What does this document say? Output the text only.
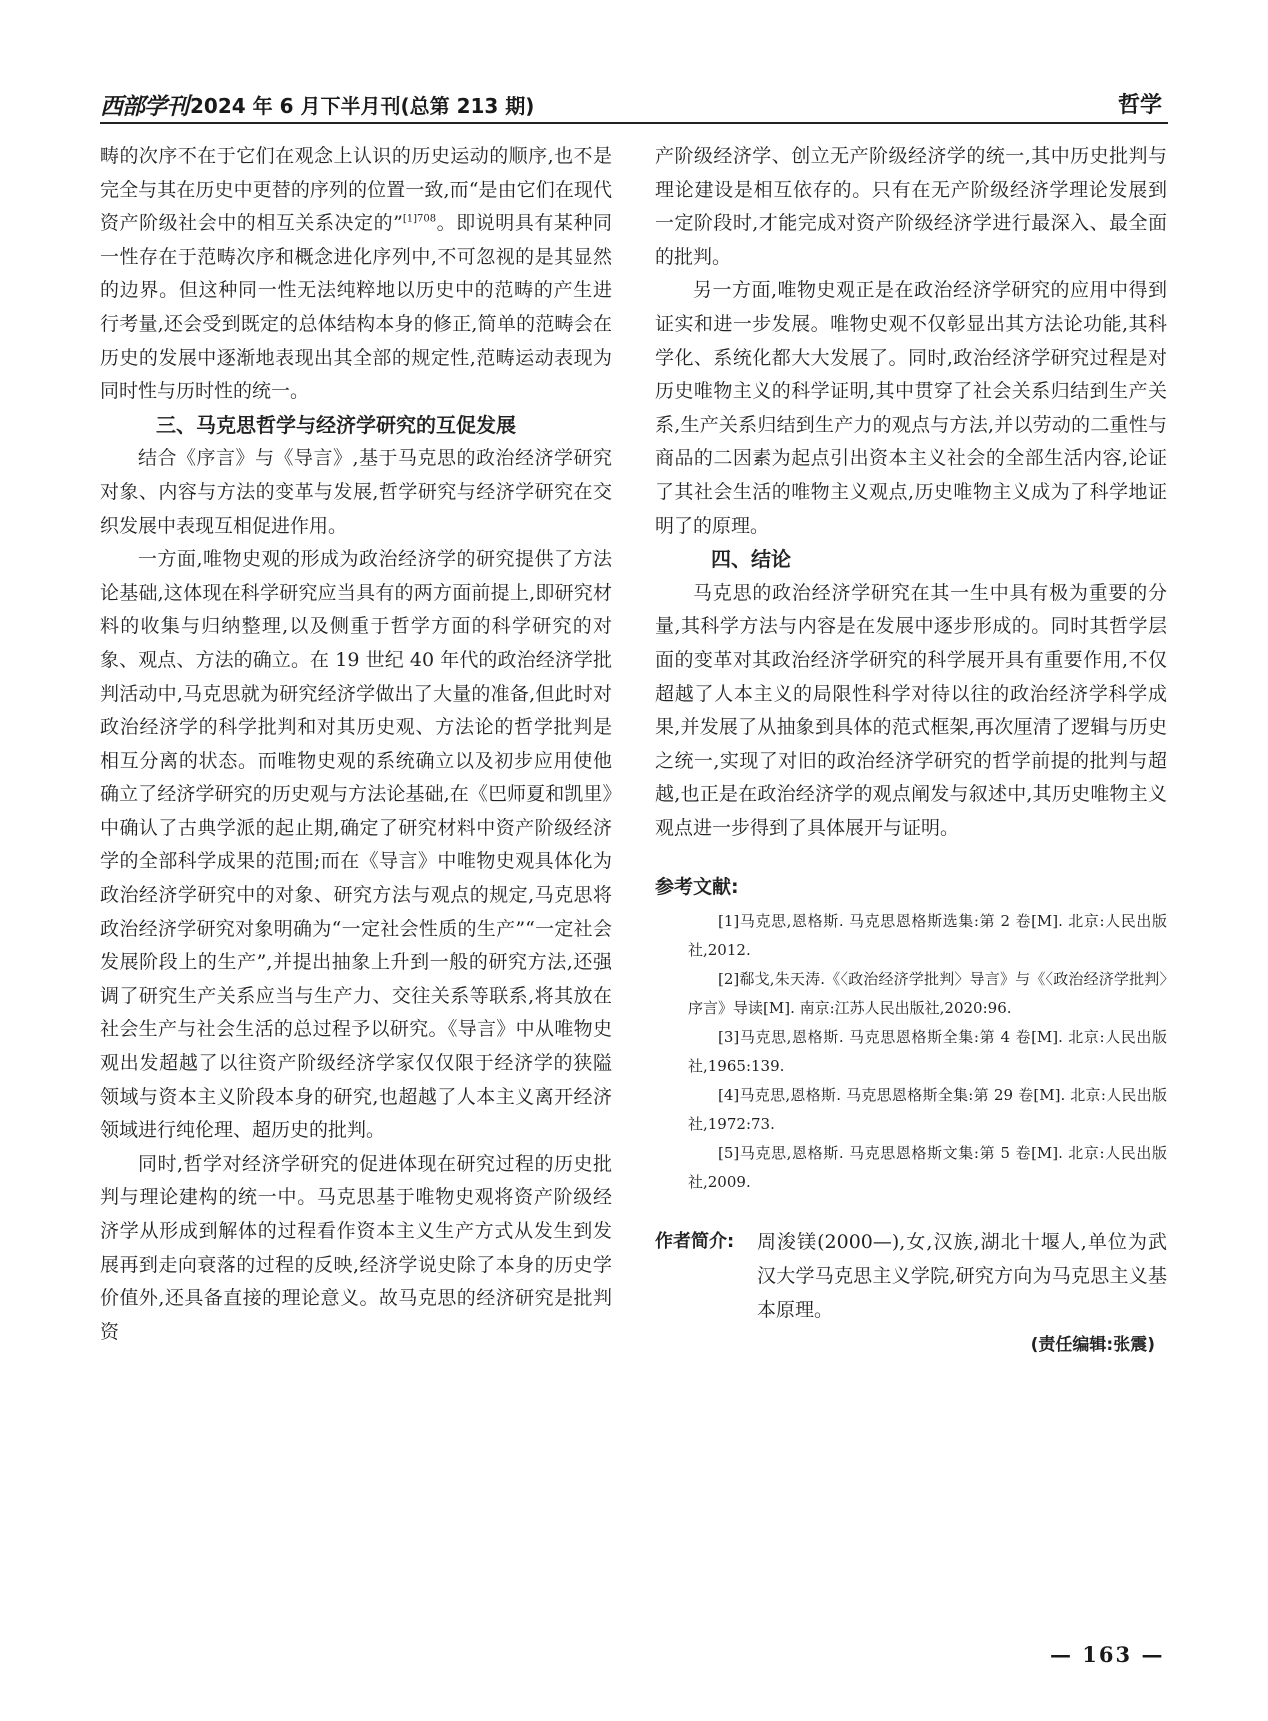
西部学刊 2024 年 6 月下半月刊(总第 213 期)	哲学

畴的次序不在于它们在观念上认识的历史运动的顺序,也不是完全与其在历史中更替的序列的位置一致,而“是由它们在现代资产阶级社会中的相互关系决定的”$^{[1]708}$。即说明具有某种同一性存在于范畴次序和概念进化序列中,不可忽视的是其显然的边界。但这种同一性无法纯粹地以历史中的范畴的产生进行考量,还会受到既定的总体结构本身的修正,简单的范畴会在历史的发展中逐渐地表现出其全部的规定性,范畴运动表现为同时性与历时性的统一。

三、马克思哲学与经济学研究的互促发展

结合《序言》与《导言》,基于马克思的政治经济学研究对象、内容与方法的变革与发展,哲学研究与经济学研究在交织发展中表现互相促进作用。

一方面,唯物史观的形成为政治经济学的研究提供了方法论基础,这体现在科学研究应当具有的两方面前提上,即研究材料的收集与归纳整理,以及侧重于哲学方面的科学研究的对象、观点、方法的确立。在 19 世纪 40 年代的政治经济学批判活动中,马克思就为研究经济学做出了大量的准备,但此时对政治经济学的科学批判和对其历史观、方法论的哲学批判是相互分离的状态。而唯物史观的系统确立以及初步应用使他确立了经济学研究的历史观与方法论基础,在《巴师夏和凯里》中确认了古典学派的起止期,确定了研究材料中资产阶级经济学的全部科学成果的范围;而在《导言》中唯物史观具体化为政治经济学研究中的对象、研究方法与观点的规定,马克思将政治经济学研究对象明确为“一定社会性质的生产”“一定社会发展阶段上的生产”,并提出抽象上升到一般的研究方法,还强调了研究生产关系应当与生产力、交往关系等联系,将其放在社会生产与社会生活的总过程予以研究。《导言》中从唯物史观出发超越了以往资产阶级经济学家仅仅限于经济学的狭隘领域与资本主义阶段本身的研究,也超越了人本主义离开经济领域进行纯伦理、超历史的批判。

同时,哲学对经济学研究的促进体现在研究过程的历史批判与理论建构的统一中。马克思基于唯物史观将资产阶级经济学从形成到解体的过程看作资本主义生产方式从发生到发展再到走向衰落的过程的反映,经济学说史除了本身的历史学价值外,还具备直接的理论意义。故马克思的经济研究是批判资

产阶级经济学、创立无产阶级经济学的统一,其中历史批判与理论建设是相互依存的。只有在无产阶级经济学理论发展到一定阶段时,才能完成对资产阶级经济学进行最深入、最全面的批判。

另一方面,唯物史观正是在政治经济学研究的应用中得到证实和进一步发展。唯物史观不仅彰显出其方法论功能,其科学化、系统化都大大发展了。同时,政治经济学研究过程是对历史唯物主义的科学证明,其中贯穿了社会关系归结到生产关系,生产关系归结到生产力的观点与方法,并以劳动的二重性与商品的二因素为起点引出资本主义社会的全部生活内容,论证了其社会生活的唯物主义观点,历史唯物主义成为了科学地证明了的原理。

四、结论

马克思的政治经济学研究在其一生中具有极为重要的分量,其科学方法与内容是在发展中逐步形成的。同时其哲学层面的变革对其政治经济学研究的科学展开具有重要作用,不仅超越了人本主义的局限性科学对待以往的政治经济学科学成果,并发展了从抽象到具体的范式框架,再次厘清了逻辑与历史之统一,实现了对旧的政治经济学研究的哲学前提的批判与超越,也正是在政治经济学的观点阐发与叙述中,其历史唯物主义观点进一步得到了具体展开与证明。

参考文献:

[1]马克思,恩格斯. 马克思恩格斯选集:第 2 卷[M]. 北京:人民出版社,2012.

[2]郗戈,朱天涛.《〈政治经济学批判〉导言》与《〈政治经济学批判〉序言》导读[M]. 南京:江苏人民出版社,2020:96.

[3]马克思,恩格斯. 马克思恩格斯全集:第 4 卷[M]. 北京:人民出版社,1965:139.

[4]马克思,恩格斯. 马克思恩格斯全集:第 29 卷[M]. 北京:人民出版社,1972:73.

[5]马克思,恩格斯. 马克思恩格斯文集:第 5 卷[M]. 北京:人民出版社,2009.

作者简介: 周浚镁(2000—),女,汉族,湖北十堰人,单位为武汉大学马克思主义学院,研究方向为马克思主义基本原理。
(责任编辑:张震)
— 163 —
